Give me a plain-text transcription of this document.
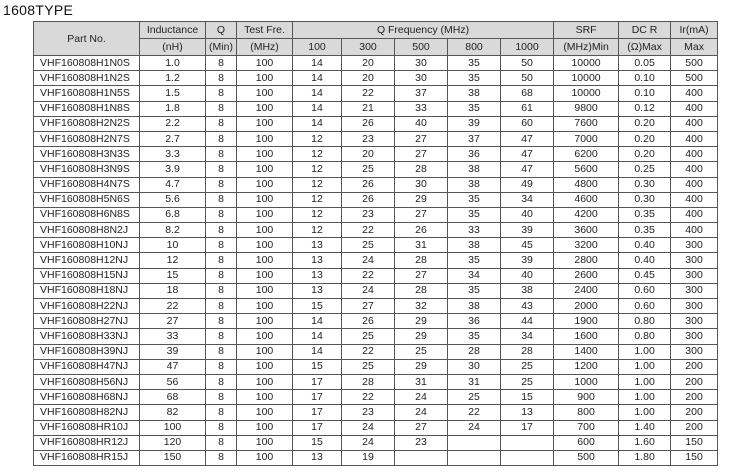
1608TYPE
Part No.	Inductance	Q	Test Fre.	Q Frequency (MHz)					SRF	DC R	Ir(mA)
	(nH)	(Min)	(MHz)	100	300	500	800	1000	(MHz)Min	(Ω)Max	Max
VHF160808H1N0S	1.0	8	100	14	20	30	35	50	10000	0.05	500
VHF160808H1N2S	1.2	8	100	14	20	30	35	50	10000	0.10	500
VHF160808H1N5S	1.5	8	100	14	22	37	38	68	10000	0.10	400
VHF160808H1N8S	1.8	8	100	14	21	33	35	61	9800	0.12	400
VHF160808H2N2S	2.2	8	100	14	26	40	39	60	7600	0.20	400
VHF160808H2N7S	2.7	8	100	12	23	27	37	47	7000	0.20	400
VHF160808H3N3S	3.3	8	100	12	20	27	36	47	6200	0.20	400
VHF160808H3N9S	3.9	8	100	12	25	28	38	47	5600	0.25	400
VHF160808H4N7S	4.7	8	100	12	26	30	38	49	4800	0.30	400
VHF160808H5N6S	5.6	8	100	12	26	29	35	34	4600	0.30	400
VHF160808H6N8S	6.8	8	100	12	23	27	35	40	4200	0.35	400
VHF160808H8N2J	8.2	8	100	12	22	26	33	39	3600	0.35	400
VHF160808H10NJ	10	8	100	13	25	31	38	45	3200	0.40	300
VHF160808H12NJ	12	8	100	13	24	28	35	39	2800	0.40	300
VHF160808H15NJ	15	8	100	13	22	27	34	40	2600	0.45	300
VHF160808H18NJ	18	8	100	13	24	28	35	38	2400	0.60	300
VHF160808H22NJ	22	8	100	15	27	32	38	43	2000	0.60	300
VHF160808H27NJ	27	8	100	14	26	29	36	44	1900	0.80	300
VHF160808H33NJ	33	8	100	14	25	29	35	34	1600	0.80	300
VHF160808H39NJ	39	8	100	14	22	25	28	28	1400	1.00	300
VHF160808H47NJ	47	8	100	15	25	29	30	25	1200	1.00	200
VHF160808H56NJ	56	8	100	17	28	31	31	25	1000	1.00	200
VHF160808H68NJ	68	8	100	17	22	24	25	15	900	1.00	200
VHF160808H82NJ	82	8	100	17	23	24	22	13	800	1.00	200
VHF160808HR10J	100	8	100	17	24	27	24	17	700	1.40	200
VHF160808HR12J	120	8	100	15	24	23			600	1.60	150
VHF160808HR15J	150	8	100	13	19				500	1.80	150
